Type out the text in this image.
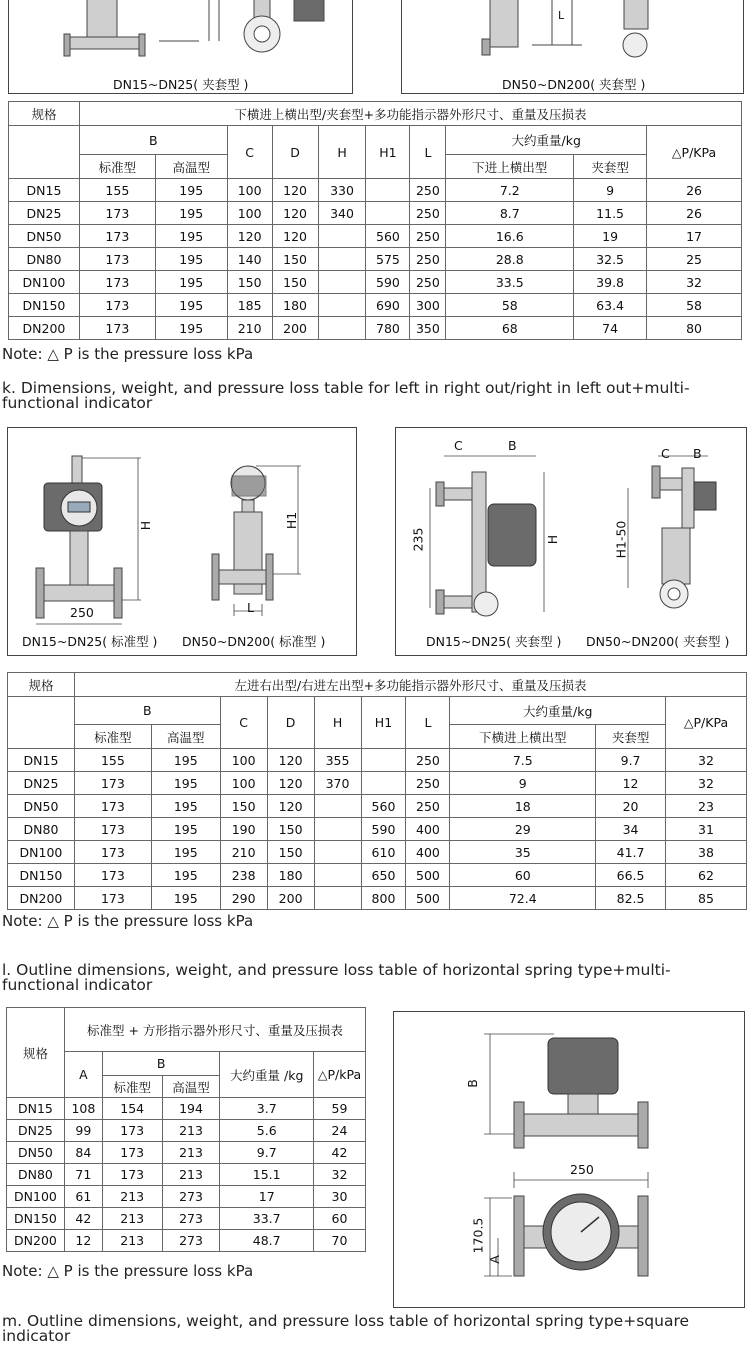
DN15~DN25( 夹套型 )
L
DN50~DN200( 夹套型 )
规格	下横进上横出型/夹套型+多功能指示器外形尺寸、重量及压损表									
	B		C	D	H	H1	L	大约重量/kg		△P/KPa
	标准型	高温型						下进上横出型	夹套型	
DN15	155	195	100	120	330		250	7.2	9	26
DN25	173	195	100	120	340		250	8.7	11.5	26
DN50	173	195	120	120		560	250	16.6	19	17
DN80	173	195	140	150		575	250	28.8	32.5	25
DN100	173	195	150	150		590	250	33.5	39.8	32
DN150	173	195	185	180		690	300	58	63.4	58
DN200	173	195	210	200		780	350	68	74	80
Note: △ P is the pressure loss kPa
k. Dimensions, weight, and pressure loss table for left in right out/right in left out+multi-
functional indicator
250
H	H1
L
DN15~DN25( 标准型 ) DN50~DN200( 标准型 )
C	B
235	H
C B
H1-50
DN15~DN25( 夹套型 ) DN50~DN200( 夹套型 )
规格	左进右出型/右进左出型+多功能指示器外形尺寸、重量及压损表									
	B		C	D	H	H1	L	大约重量/kg		△P/KPa
	标准型	高温型						下横进上横出型	夹套型	
DN15	155	195	100	120	355		250	7.5	9.7	32
DN25	173	195	100	120	370		250	9	12	32
DN50	173	195	150	120		560	250	18	20	23
DN80	173	195	190	150		590	400	29	34	31
DN100	173	195	210	150		610	400	35	41.7	38
DN150	173	195	238	180		650	500	60	66.5	62
DN200	173	195	290	200		800	500	72.4	82.5	85
Note: △ P is the pressure loss kPa
l. Outline dimensions, weight, and pressure loss table of horizontal spring type+multi-
functional indicator
规格	标准型 + 方形指示器外形尺寸、重量及压损表				
	A	B		大约重量 /kg	△P/kPa
		标准型	高温型		
DN15	108	154	194	3.7	59
DN25	99	173	213	5.6	24
DN50	84	173	213	9.7	42
DN80	71	173	213	15.1	32
DN100	61	213	273	17	30
DN150	42	213	273	33.7	60
DN200	12	213	273	48.7	70
Note: △ P is the pressure loss kPa
B
250
170.5
A
m. Outline dimensions, weight, and pressure loss table of horizontal spring type+square
indicator
